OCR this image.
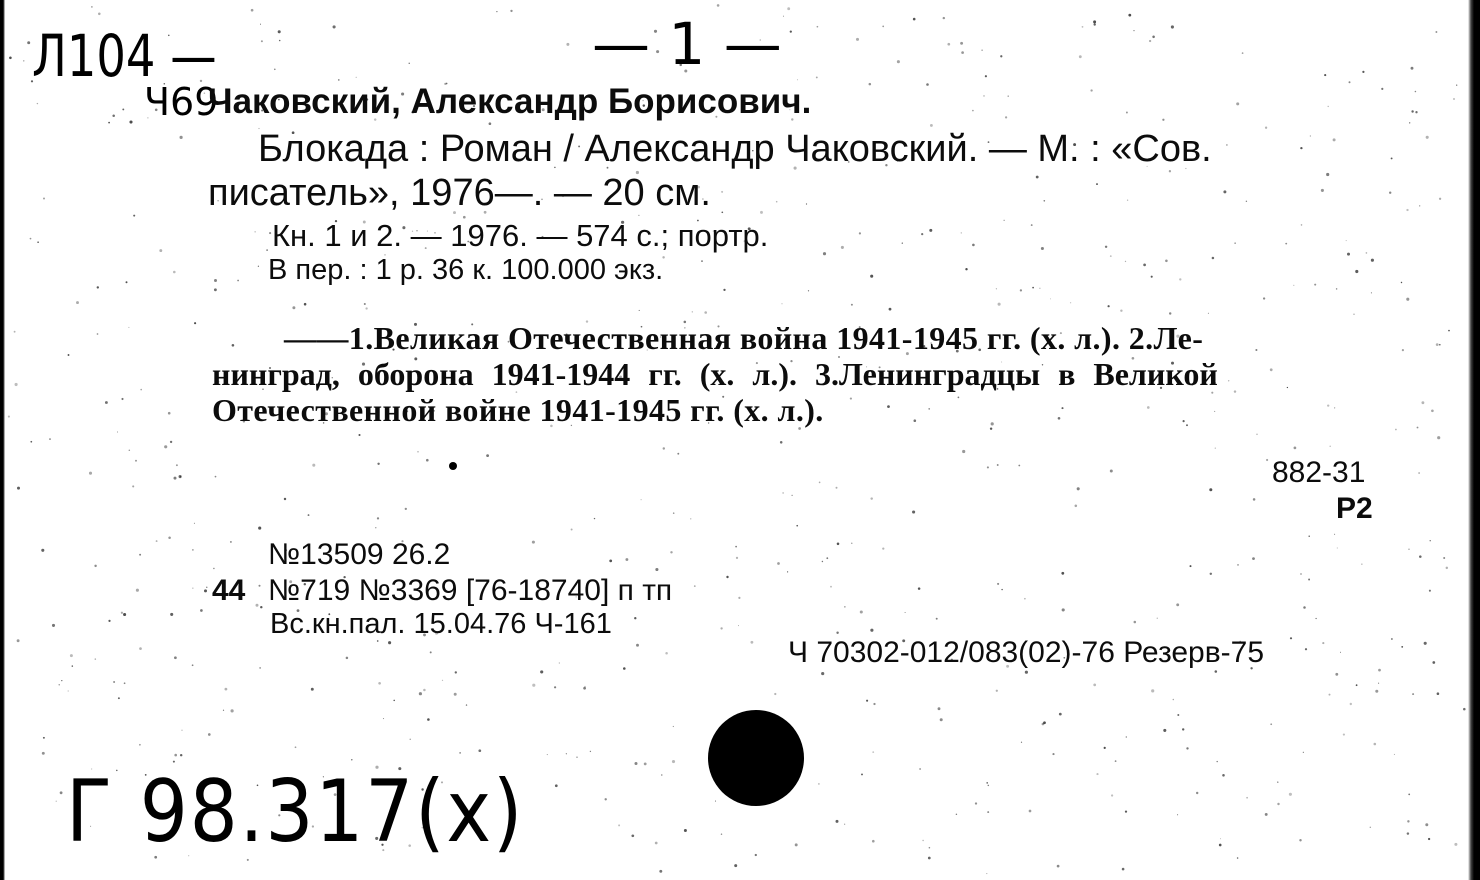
Л104 —	— 1 —
Ч69
Г 98.317(х)
Чаковский, Александр Борисович.
Блокада : Роман / Александр Чаковский. — М. : «Сов.
писатель», 1976—. — 20 см.
Кн. 1 и 2. — 1976. — 574 с.; портр.
В пер. : 1 р. 36 к. 100.000 экз.
——1.Великая Отечественная война 1941-1945 гг. (х. л.). 2.Ле-
нинград, оборона 1941-1944 гг. (х. л.). 3.Ленинградцы в Великой
Отечественной войне 1941-1945 гг. (х. л.).
882-31
Р2
№13509 26.2
44 №719 №3369 [76-18740] п тп
Вс.кн.пал. 15.04.76 Ч-161
Ч 70302-012/083(02)-76 Резерв-75
